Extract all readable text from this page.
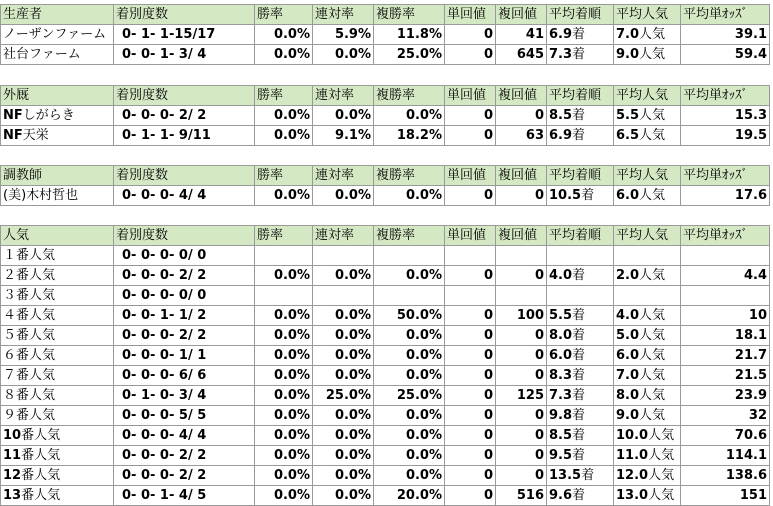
生産者	着別度数	勝率	連対率	複勝率	単回値	複回値	平均着順	平均人気	平均単ｵｯｽﾞ
ノーザンファーム	0- 1- 1-15/17	0.0%	5.9%	11.8%	0	41	6.9着	7.0人気	39.1
社台ファーム	0- 0- 1- 3/ 4	0.0%	0.0%	25.0%	0	645	7.3着	9.0人気	59.4
外厩	着別度数	勝率	連対率	複勝率	単回値	複回値	平均着順	平均人気	平均単ｵｯｽﾞ
NFしがらき	0- 0- 0- 2/ 2	0.0%	0.0%	0.0%	0	0	8.5着	5.5人気	15.3
NF天栄	0- 1- 1- 9/11	0.0%	9.1%	18.2%	0	63	6.9着	6.5人気	19.5
調教師	着別度数	勝率	連対率	複勝率	単回値	複回値	平均着順	平均人気	平均単ｵｯｽﾞ
(美)木村哲也	0- 0- 0- 4/ 4	0.0%	0.0%	0.0%	0	0	10.5着	6.0人気	17.6
人気	着別度数	勝率	連対率	複勝率	単回値	複回値	平均着順	平均人気	平均単ｵｯｽﾞ
１番人気	0- 0- 0- 0/ 0								
２番人気	0- 0- 0- 2/ 2	0.0%	0.0%	0.0%	0	0	4.0着	2.0人気	4.4
３番人気	0- 0- 0- 0/ 0								
４番人気	0- 0- 1- 1/ 2	0.0%	0.0%	50.0%	0	100	5.5着	4.0人気	10
５番人気	0- 0- 0- 2/ 2	0.0%	0.0%	0.0%	0	0	8.0着	5.0人気	18.1
６番人気	0- 0- 0- 1/ 1	0.0%	0.0%	0.0%	0	0	6.0着	6.0人気	21.7
７番人気	0- 0- 0- 6/ 6	0.0%	0.0%	0.0%	0	0	8.3着	7.0人気	21.5
８番人気	0- 1- 0- 3/ 4	0.0%	25.0%	25.0%	0	125	7.3着	8.0人気	23.9
９番人気	0- 0- 0- 5/ 5	0.0%	0.0%	0.0%	0	0	9.8着	9.0人気	32
10番人気	0- 0- 0- 4/ 4	0.0%	0.0%	0.0%	0	0	8.5着	10.0人気	70.6
11番人気	0- 0- 0- 2/ 2	0.0%	0.0%	0.0%	0	0	9.5着	11.0人気	114.1
12番人気	0- 0- 0- 2/ 2	0.0%	0.0%	0.0%	0	0	13.5着	12.0人気	138.6
13番人気	0- 0- 1- 4/ 5	0.0%	0.0%	20.0%	0	516	9.6着	13.0人気	151
